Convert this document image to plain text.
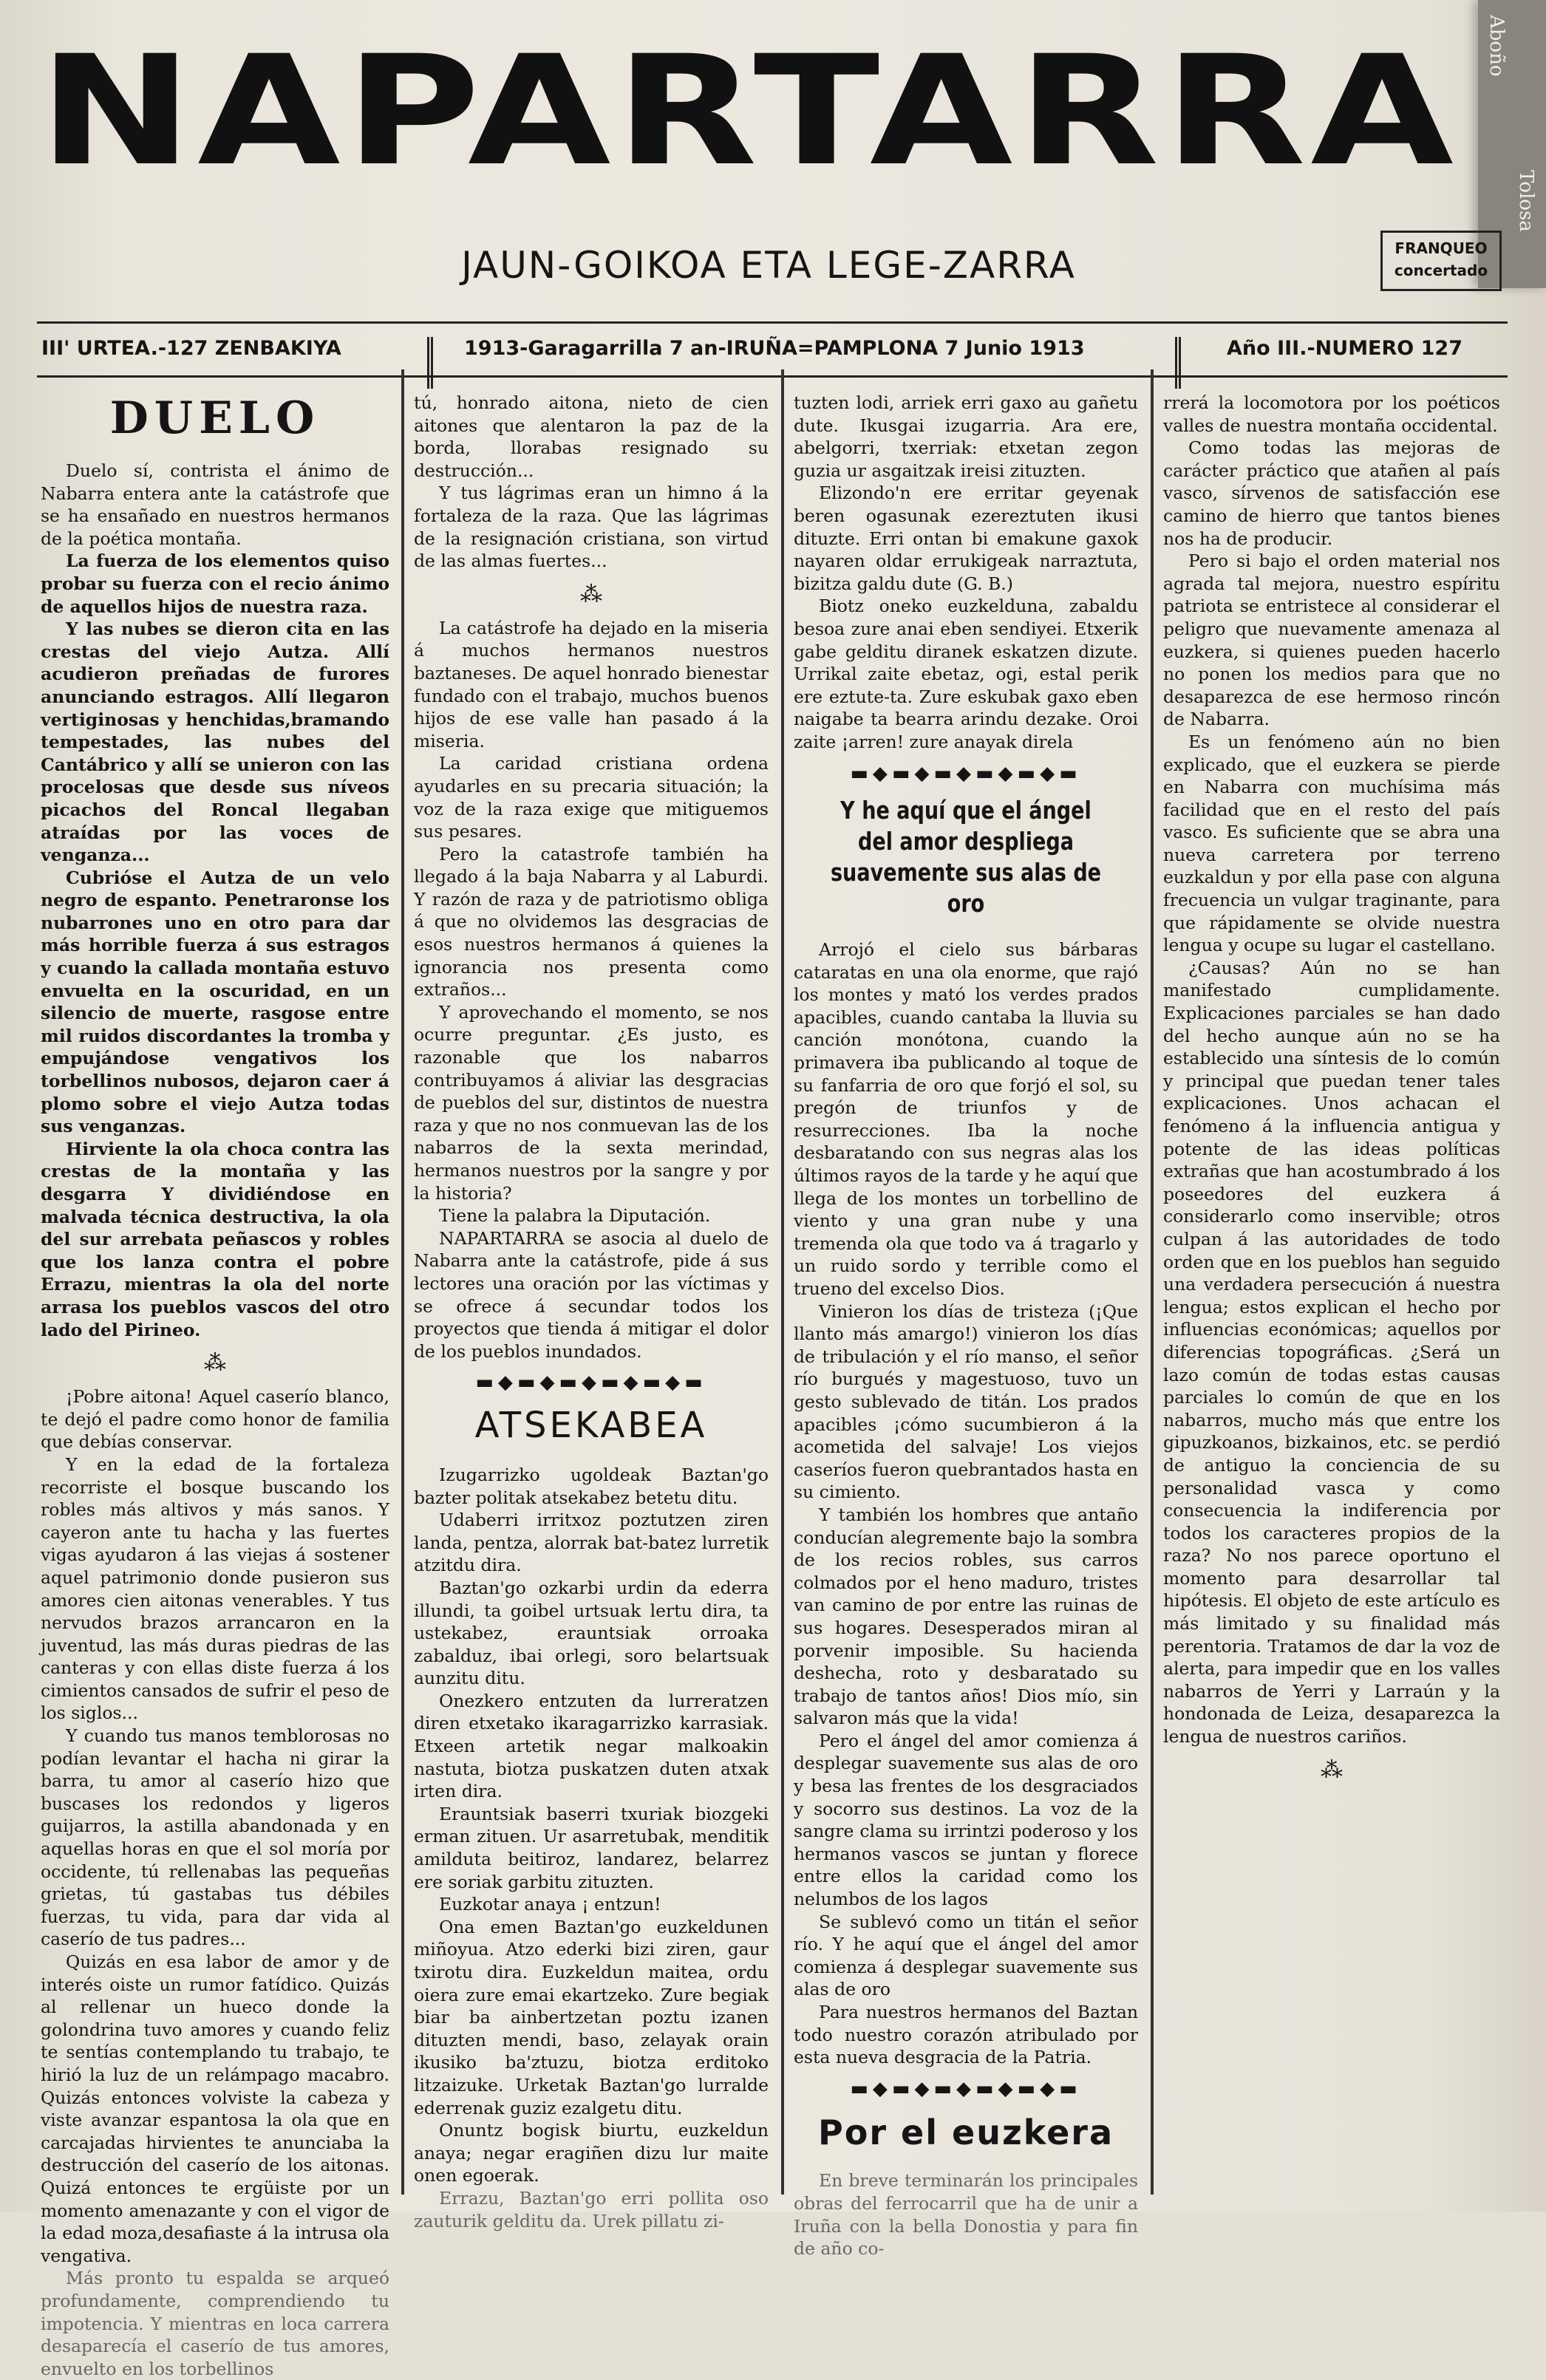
Aboño
Tolosa
NAPARTARRA
JAUN-GOIKOA ETA LEGE-ZARRA	FRANQUEO
concertado
III' URTEA.-127 ZENBAKIYA	1913-Garagarrilla 7 an-IRUÑA=PAMPLONA 7 Junio 1913	Año III.-NUMERO 127
DUELO

Duelo sí, contrista el ánimo de Nabarra entera ante la catástrofe que se ha ensañado en nuestros hermanos de la poética montaña.

La fuerza de los elementos quiso probar su fuerza con el recio ánimo de aquellos hijos de nuestra raza.

Y las nubes se dieron cita en las crestas del viejo Autza. Allí acudieron preñadas de furores anunciando estragos. Allí llegaron vertiginosas y henchidas,bramando tempestades, las nubes del Cantábrico y allí se unieron con las procelosas que desde sus níveos picachos del Roncal llegaban atraídas por las voces de venganza...

Cubrióse el Autza de un velo negro de espanto. Penetraronse los nubarrones uno en otro para dar más horrible fuerza á sus estragos y cuando la callada montaña estuvo envuelta en la oscuridad, en un silencio de muerte, rasgose entre mil ruidos discordantes la tromba y empujándose vengativos los torbellinos nubosos, dejaron caer á plomo sobre el viejo Autza todas sus venganzas.

Hirviente la ola choca contra las crestas de la montaña y las desgarra Y dividiéndose en malvada técnica destructiva, la ola del sur arrebata peñascos y robles que los lanza contra el pobre Errazu, mientras la ola del norte arrasa los pueblos vascos del otro lado del Pirineo.

⁂

¡Pobre aitona! Aquel caserío blanco, te dejó el padre como honor de familia que debías conservar.

Y en la edad de la fortaleza recorriste el bosque buscando los robles más altivos y más sanos. Y cayeron ante tu hacha y las fuertes vigas ayudaron á las viejas á sostener aquel patrimonio donde pusieron sus amores cien aitonas venerables. Y tus nervudos brazos arrancaron en la juventud, las más duras piedras de las canteras y con ellas diste fuerza á los cimientos cansados de sufrir el peso de los siglos...

Y cuando tus manos temblorosas no podían levantar el hacha ni girar la barra, tu amor al caserío hizo que buscases los redondos y ligeros guijarros, la astilla abandonada y en aquellas horas en que el sol moría por occidente, tú rellenabas las pequeñas grietas, tú gastabas tus débiles fuerzas, tu vida, para dar vida al caserío de tus padres...

Quizás en esa labor de amor y de interés oiste un rumor fatídico. Quizás al rellenar un hueco donde la golondrina tuvo amores y cuando feliz te sentías contemplando tu trabajo, te hirió la luz de un relámpago macabro. Quizás entonces volviste la cabeza y viste avanzar espantosa la ola que en carcajadas hirvientes te anunciaba la destrucción del caserío de los aitonas. Quizá entonces te ergüiste por un momento amenazante y con el vigor de la edad moza,desafiaste á la intrusa ola vengativa.

Más pronto tu espalda se arqueó profundamente, comprendiendo tu impotencia. Y mientras en loca carrera desaparecía el caserío de tus amores, envuelto en los torbellinos

tú, honrado aitona, nieto de cien aitones que alentaron la paz de la borda, llorabas resignado su destrucción...

Y tus lágrimas eran un himno á la fortaleza de la raza. Que las lágrimas de la resignación cristiana, son virtud de las almas fuertes...

⁂

La catástrofe ha dejado en la miseria á muchos hermanos nuestros baztaneses. De aquel honrado bienestar fundado con el trabajo, muchos buenos hijos de ese valle han pasado á la miseria.

La caridad cristiana ordena ayudarles en su precaria situación; la voz de la raza exige que mitiguemos sus pesares.

Pero la catastrofe también ha llegado á la baja Nabarra y al Laburdi. Y razón de raza y de patriotismo obliga á que no olvidemos las desgracias de esos nuestros hermanos á quienes la ignorancia nos presenta como extraños...

Y aprovechando el momento, se nos ocurre preguntar. ¿Es justo, es razonable que los nabarros contribuyamos á aliviar las desgracias de pueblos del sur, distintos de nuestra raza y que no nos conmuevan las de los nabarros de la sexta merindad, hermanos nuestros por la sangre y por la historia?

Tiene la palabra la Diputación.

NAPARTARRA se asocia al duelo de Nabarra ante la catástrofe, pide á sus lectores una oración por las víctimas y se ofrece á secundar todos los proyectos que tienda á mitigar el dolor de los pueblos inundados.

▬◆▬◆▬◆▬◆▬◆▬
ATSEKABEA

Izugarrizko ugoldeak Baztan'go bazter politak atsekabez betetu ditu.

Udaberri irritxoz poztutzen ziren landa, pentza, alorrak bat-batez lurretik atzitdu dira.

Baztan'go ozkarbi urdin da ederra illundi, ta goibel urtsuak lertu dira, ta ustekabez, erauntsiak orroaka zabalduz, ibai orlegi, soro belartsuak aunzitu ditu.

Onezkero entzuten da lurreratzen diren etxetako ikaragarrizko karrasiak. Etxeen artetik negar malkoakin nastuta, biotza puskatzen duten atxak irten dira.

Erauntsiak baserri txuriak biozgeki erman zituen. Ur asarretubak, menditik amilduta beitiroz, landarez, belarrez ere soriak garbitu zituzten.

Euzkotar anaya ¡ entzun!

Ona emen Baztan'go euzkeldunen miñoyua. Atzo ederki bizi ziren, gaur txirotu dira. Euzkeldun maitea, ordu oiera zure emai ekartzeko. Zure begiak biar ba ainbertzetan poztu izanen dituzten mendi, baso, zelayak orain ikusiko ba'ztuzu, biotza erditoko litzaizuke. Urketak Baztan'go lurralde ederrenak guziz ezalgetu ditu.

Onuntz bogisk biurtu, euzkeldun anaya; negar eragiñen dizu lur maite onen egoerak.

Errazu, Baztan'go erri pollita oso zauturik gelditu da. Urek pillatu zi-

tuzten lodi, arriek erri gaxo au gañetu dute. Ikusgai izugarria. Ara ere, abelgorri, txerriak: etxetan zegon guzia ur asgaitzak ireisi zituzten.

Elizondo'n ere erritar geyenak beren ogasunak ezereztuten ikusi dituzte. Erri ontan bi emakune gaxok nayaren oldar errukigeak narraztuta, bizitza galdu dute (G. B.)

Biotz oneko euzkelduna, zabaldu besoa zure anai eben sendiyei. Etxerik gabe gelditu diranek eskatzen dizute. Urrikal zaite ebetaz, ogi, estal perik ere eztute-ta. Zure eskubak gaxo eben naigabe ta bearra arindu dezake. Oroi zaite ¡arren! zure anayak direla

▬◆▬◆▬◆▬◆▬◆▬
Y he aquí que el ángel del amor despliega suavemente sus alas de oro

Arrojó el cielo sus bárbaras cataratas en una ola enorme, que rajó los montes y mató los verdes prados apacibles, cuando cantaba la lluvia su canción monótona, cuando la primavera iba publicando al toque de su fanfarria de oro que forjó el sol, su pregón de triunfos y de resurrecciones. Iba la noche desbaratando con sus negras alas los últimos rayos de la tarde y he aquí que llega de los montes un torbellino de viento y una gran nube y una tremenda ola que todo va á tragarlo y un ruido sordo y terrible como el trueno del excelso Dios.

Vinieron los días de tristeza (¡Que llanto más amargo!) vinieron los días de tribulación y el río manso, el señor río burgués y magestuoso, tuvo un gesto sublevado de titán. Los prados apacibles ¡cómo sucumbieron á la acometida del salvaje! Los viejos caseríos fueron quebrantados hasta en su cimiento.

Y también los hombres que antaño conducían alegremente bajo la sombra de los recios robles, sus carros colmados por el heno maduro, tristes van camino de por entre las ruinas de sus hogares. Desesperados miran al porvenir imposible. Su hacienda deshecha, roto y desbaratado su trabajo de tantos años! Dios mío, sin salvaron más que la vida!

Pero el ángel del amor comienza á desplegar suavemente sus alas de oro y besa las frentes de los desgraciados y socorro sus destinos. La voz de la sangre clama su irrintzi poderoso y los hermanos vascos se juntan y florece entre ellos la caridad como los nelumbos de los lagos

Se sublevó como un titán el señor río. Y he aquí que el ángel del amor comienza á desplegar suavemente sus alas de oro

Para nuestros hermanos del Baztan todo nuestro corazón atribulado por esta nueva desgracia de la Patria.

▬◆▬◆▬◆▬◆▬◆▬
Por el euzkera

En breve terminarán los principales obras del ferrocarril que ha de unir a Iruña con la bella Donostia y para fin de año co-

rrerá la locomotora por los poéticos valles de nuestra montaña occidental.

Como todas las mejoras de carácter práctico que atañen al país vasco, sírvenos de satisfacción ese camino de hierro que tantos bienes nos ha de producir.

Pero si bajo el orden material nos agrada tal mejora, nuestro espíritu patriota se entristece al considerar el peligro que nuevamente amenaza al euzkera, si quienes pueden hacerlo no ponen los medios para que no desaparezca de ese hermoso rincón de Nabarra.

Es un fenómeno aún no bien explicado, que el euzkera se pierde en Nabarra con muchísima más facilidad que en el resto del país vasco. Es suficiente que se abra una nueva carretera por terreno euzkaldun y por ella pase con alguna frecuencia un vulgar traginante, para que rápidamente se olvide nuestra lengua y ocupe su lugar el castellano.

¿Causas? Aún no se han manifestado cumplidamente. Explicaciones parciales se han dado del hecho aunque aún no se ha establecido una síntesis de lo común y principal que puedan tener tales explicaciones. Unos achacan el fenómeno á la influencia antigua y potente de las ideas políticas extrañas que han acostumbrado á los poseedores del euzkera á considerarlo como inservible; otros culpan á las autoridades de todo orden que en los pueblos han seguido una verdadera persecución á nuestra lengua; estos explican el hecho por influencias económicas; aquellos por diferencias topográficas. ¿Será un lazo común de todas estas causas parciales lo común de que en los nabarros, mucho más que entre los gipuzkoanos, bizkainos, etc. se perdió de antiguo la conciencia de su personalidad vasca y como consecuencia la indiferencia por todos los caracteres propios de la raza? No nos parece oportuno el momento para desarrollar tal hipótesis. El objeto de este artículo es más limitado y su finalidad más perentoria. Tratamos de dar la voz de alerta, para impedir que en los valles nabarros de Yerri y Larraún y la hondonada de Leiza, desaparezca la lengua de nuestros cariños.

⁂
